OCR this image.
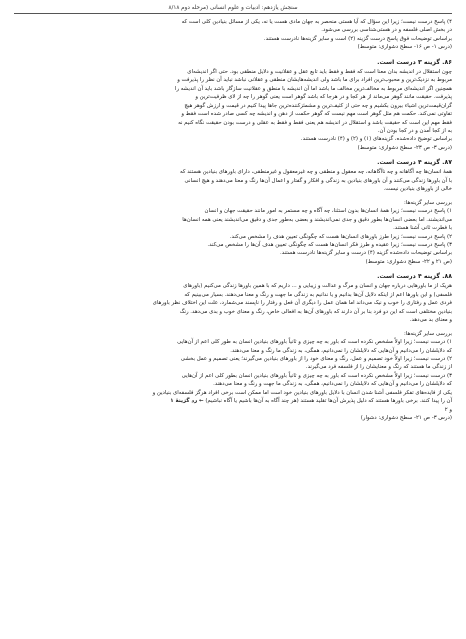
سنجش یازدهم: ادبیات و علوم انسانی (مرحله دوم ۸/۱۸

۴) پاسخ درست نیست؛ زیرا این سؤال که آیا هستی منحصر به جهان مادی هست یا نه، یکی از مسائل بنیادین کلی است که

در بخش اصلی فلسفه و در هستی‌شناسی بررسی می‌شود.

براساس توضیحات فوق پاسخ درست گزینه (۲) است و سایر گزینه‌ها نادرست هستند.

(درس ۱- ص ۱۶- سطح دشواری: متوسط)

۸۶. گزینه ۳ درست است.

چون استقلال در اندیشه بدان معنا است که فقط و فقط باید تابع عقل و عقلانیت و دلایل منطقی بود. حتی اگر اندیشه‌ای

مربوط به نزدیک‌ترین و محبوب‌ترین افراد برای ما باشد ولی اندیشه‌هایشان منطقی و عقلانی نباشد نباید آن نظر را پذیرفت و

همچنین اگر اندیشه‌ای مربوط به مخالف‌ترین مخالف ما باشد اما آن اندیشه با منطق و عقلانیت سازگار باشد باید آن اندیشه را

پذیرفت. حقیقت مانند گوهر می‌ماند از هر کجا و در هرجا که باشد گوهر است یعنی گوهر را چه از لای ظرفیت‌ترین و

گران‌قیمت‌ترین اشیاء بیرون بکشیم و چه حتی از کثیف‌ترین و مشمئزکننده‌ترین جاها پیدا کنیم در قیمت و ارزش گوهر هیچ

تفاوتی نمی‌کند. حکمت هم مثل گوهر است مهم نیست که گوهر حکمت از دهن و اندیشه چه کسی صادر شده است فقط و

فقط مهم این است که حقیقت باشد و استقلال در اندیشه هم یعنی فقط و فقط به عقلی و درست بودن حقیقت نگاه کنیم نه

به از کجا آمدن و در کجا بودن آن.

براساس توضیح داده‌شده، گزینه‌های (۱) و (۲) و (۴) نادرست هستند.

(درس ۳- ص ۲۳- سطح دشواری: متوسط)

۸۷. گزینه ۴ درست است.

همهٔ انسان‌ها چه آگاهانه و چه ناآگاهانه، چه معقول و منطقی و چه غیرمعقول و غیرمنطقی، دارای باورهای بنیادین هستند که

با آن باورها زندگی می‌کنند و آن باورهای بنیادین به زندگی و افکار و گفتار و اعمال آن‌ها رنگ و معنا می‌دهند و هیچ انسانی

خالی از باورهای بنیادین نیست.

بررسی سایر گزینه‌ها:

۱) پاسخ درست نیست؛ زیرا همهٔ انسان‌ها بدون استثنا، چه آگاه و چه مستمر به امور مانند حقیقت جهان و انسان

می‌اندیشند. اما بعضی انسان‌ها بطور دقیق و جدی نمی‌اندیشند و بعضی به‌طور جدی و دقیق می‌اندیشند یعنی همه انسان‌ها

با فطرت ثانی آشنا هستند.

۲) پاسخ درست نیست؛ زیرا طرز باورهای انسان‌ها هست که چگونگی تعیین هدف را مشخص می‌کند.

۳) پاسخ درست نیست؛ زیرا عقیده و طرز فکر انسان‌ها هست که چگونگی تعیین هدف آن‌ها را مشخص می‌کند.

براساس توضیحات داده‌شده گزینه (۴) درست و سایر گزینه‌ها نادرست هستند.

(ص ۲۱ و ۲۲- سطح دشواری: متوسط)

۸۸. گزینه ۴ درست است.

هریک از ما باورهایی درباره جهان و انسان و مرگ و عدالت و زیبایی و ... داریم که با همین باورها زندگی می‌کنیم (باورهای

فلسفی) و این باورها اعم از اینکه دلایل آن‌ها بدانیم و یا ندانیم به زندگی ما جهت و رنگ و معنا می‌دهند. بسیار می‌بینیم که

فردی عمل و رفتاری را خوب و نیک می‌داند اما همان عمل را دیگری آن فعل و رفتار را ناپسند می‌شمارد، علت این اختلاف نظر باورهای

بنیادین مختلفی است که این دو فرد بنا بر آن دارند که باورهای آن‌ها به افعالی خاص، رنگ و معنای خوب و بدی می‌دهد. رنگ

و معنای بد می‌دهد.

بررسی سایر گزینه‌ها:

۱) درست نیست؛ زیرا اولاً مشخص نکرده است که باور به چه چیزی و ثانیاً باورهای بنیادین انسان به طور کلی اعم از آن‌هایی

که دلایلشان را می‌دانیم و آن‌هایی که دلایلشان را نمی‌دانیم، همگی، به زندگی ما رنگ و معنا می‌دهند.

۲) درست نیست؛ زیرا اولاً خود تصمیم و عمل، رنگ و معنای خود را از باورهای بنیادین می‌گیرند؛ یعنی تصمیم و عمل بخشی

از زندگی ما هستند که رنگ و معنایشان را از فلسفه فرد می‌گیرند.

۳) درست نیست؛ زیرا اولاً مشخص نکرده است که باور به چه چیزی و ثانیاً باورهای بنیادین انسان بطور کلی اعم از آن‌هایی

که دلایلشان را می‌دانیم و آن‌هایی که دلایلشان را نمی‌دانیم، همگی، به زندگی ما جهت و رنگ و معنا می‌دهند.

یکی از فایده‌های تفکر فلسفی آشنا شدن انسان با دلایل باورهای بنیادین خود است اما ممکن است برخی افراد هرگز فلسفه‌ای بنیادین و

آن را پیدا کنند. برخی باورها هستند که دلیل پذیرش آن‌ها تقلید هستند (هر چند آگاه به آن‌ها باشیم یا آگاه نباشیم) ← رد گزینهٔ ۱

و ۲

(درس ۳- ص ۲۱- سطح دشواری: دشوار)
